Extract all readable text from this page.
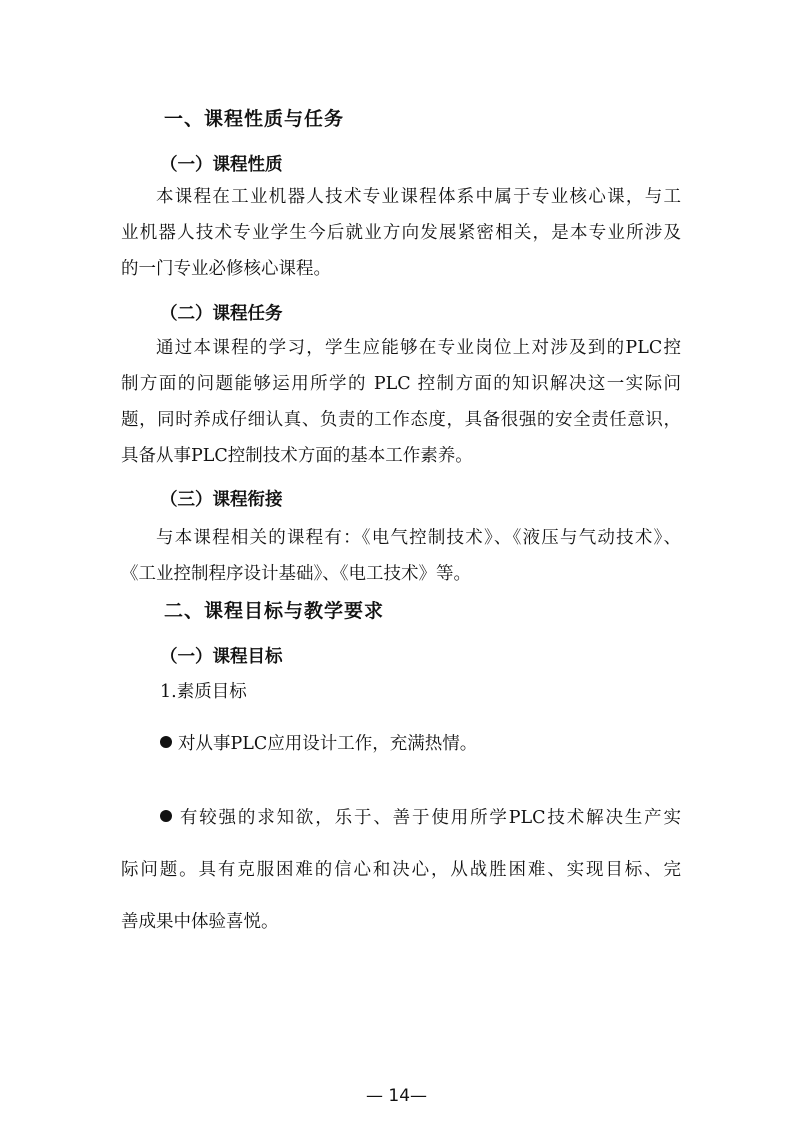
一、课程性质与任务
（一）课程性质
本课程在工业机器人技术专业课程体系中属于专业核心课，与工
业机器人技术专业学生今后就业方向发展紧密相关，是本专业所涉及
的一门专业必修核心课程。
（二）课程任务
通过本课程的学习，学生应能够在专业岗位上对涉及到的PLC控
制方面的问题能够运用所学的 PLC 控制方面的知识解决这一实际问
题，同时养成仔细认真、负责的工作态度，具备很强的安全责任意识，
具备从事PLC控制技术方面的基本工作素养。
（三）课程衔接
与本课程相关的课程有：《电气控制技术》、《液压与气动技术》、
《工业控制程序设计基础》、《电工技术》等。
二、课程目标与教学要求
（一）课程目标
1.素质目标
对从事PLC应用设计工作，充满热情。
有较强的求知欲，乐于、善于使用所学PLC技术解决生产实
际问题。具有克服困难的信心和决心，从战胜困难、实现目标、完
善成果中体验喜悦。
— 14—
